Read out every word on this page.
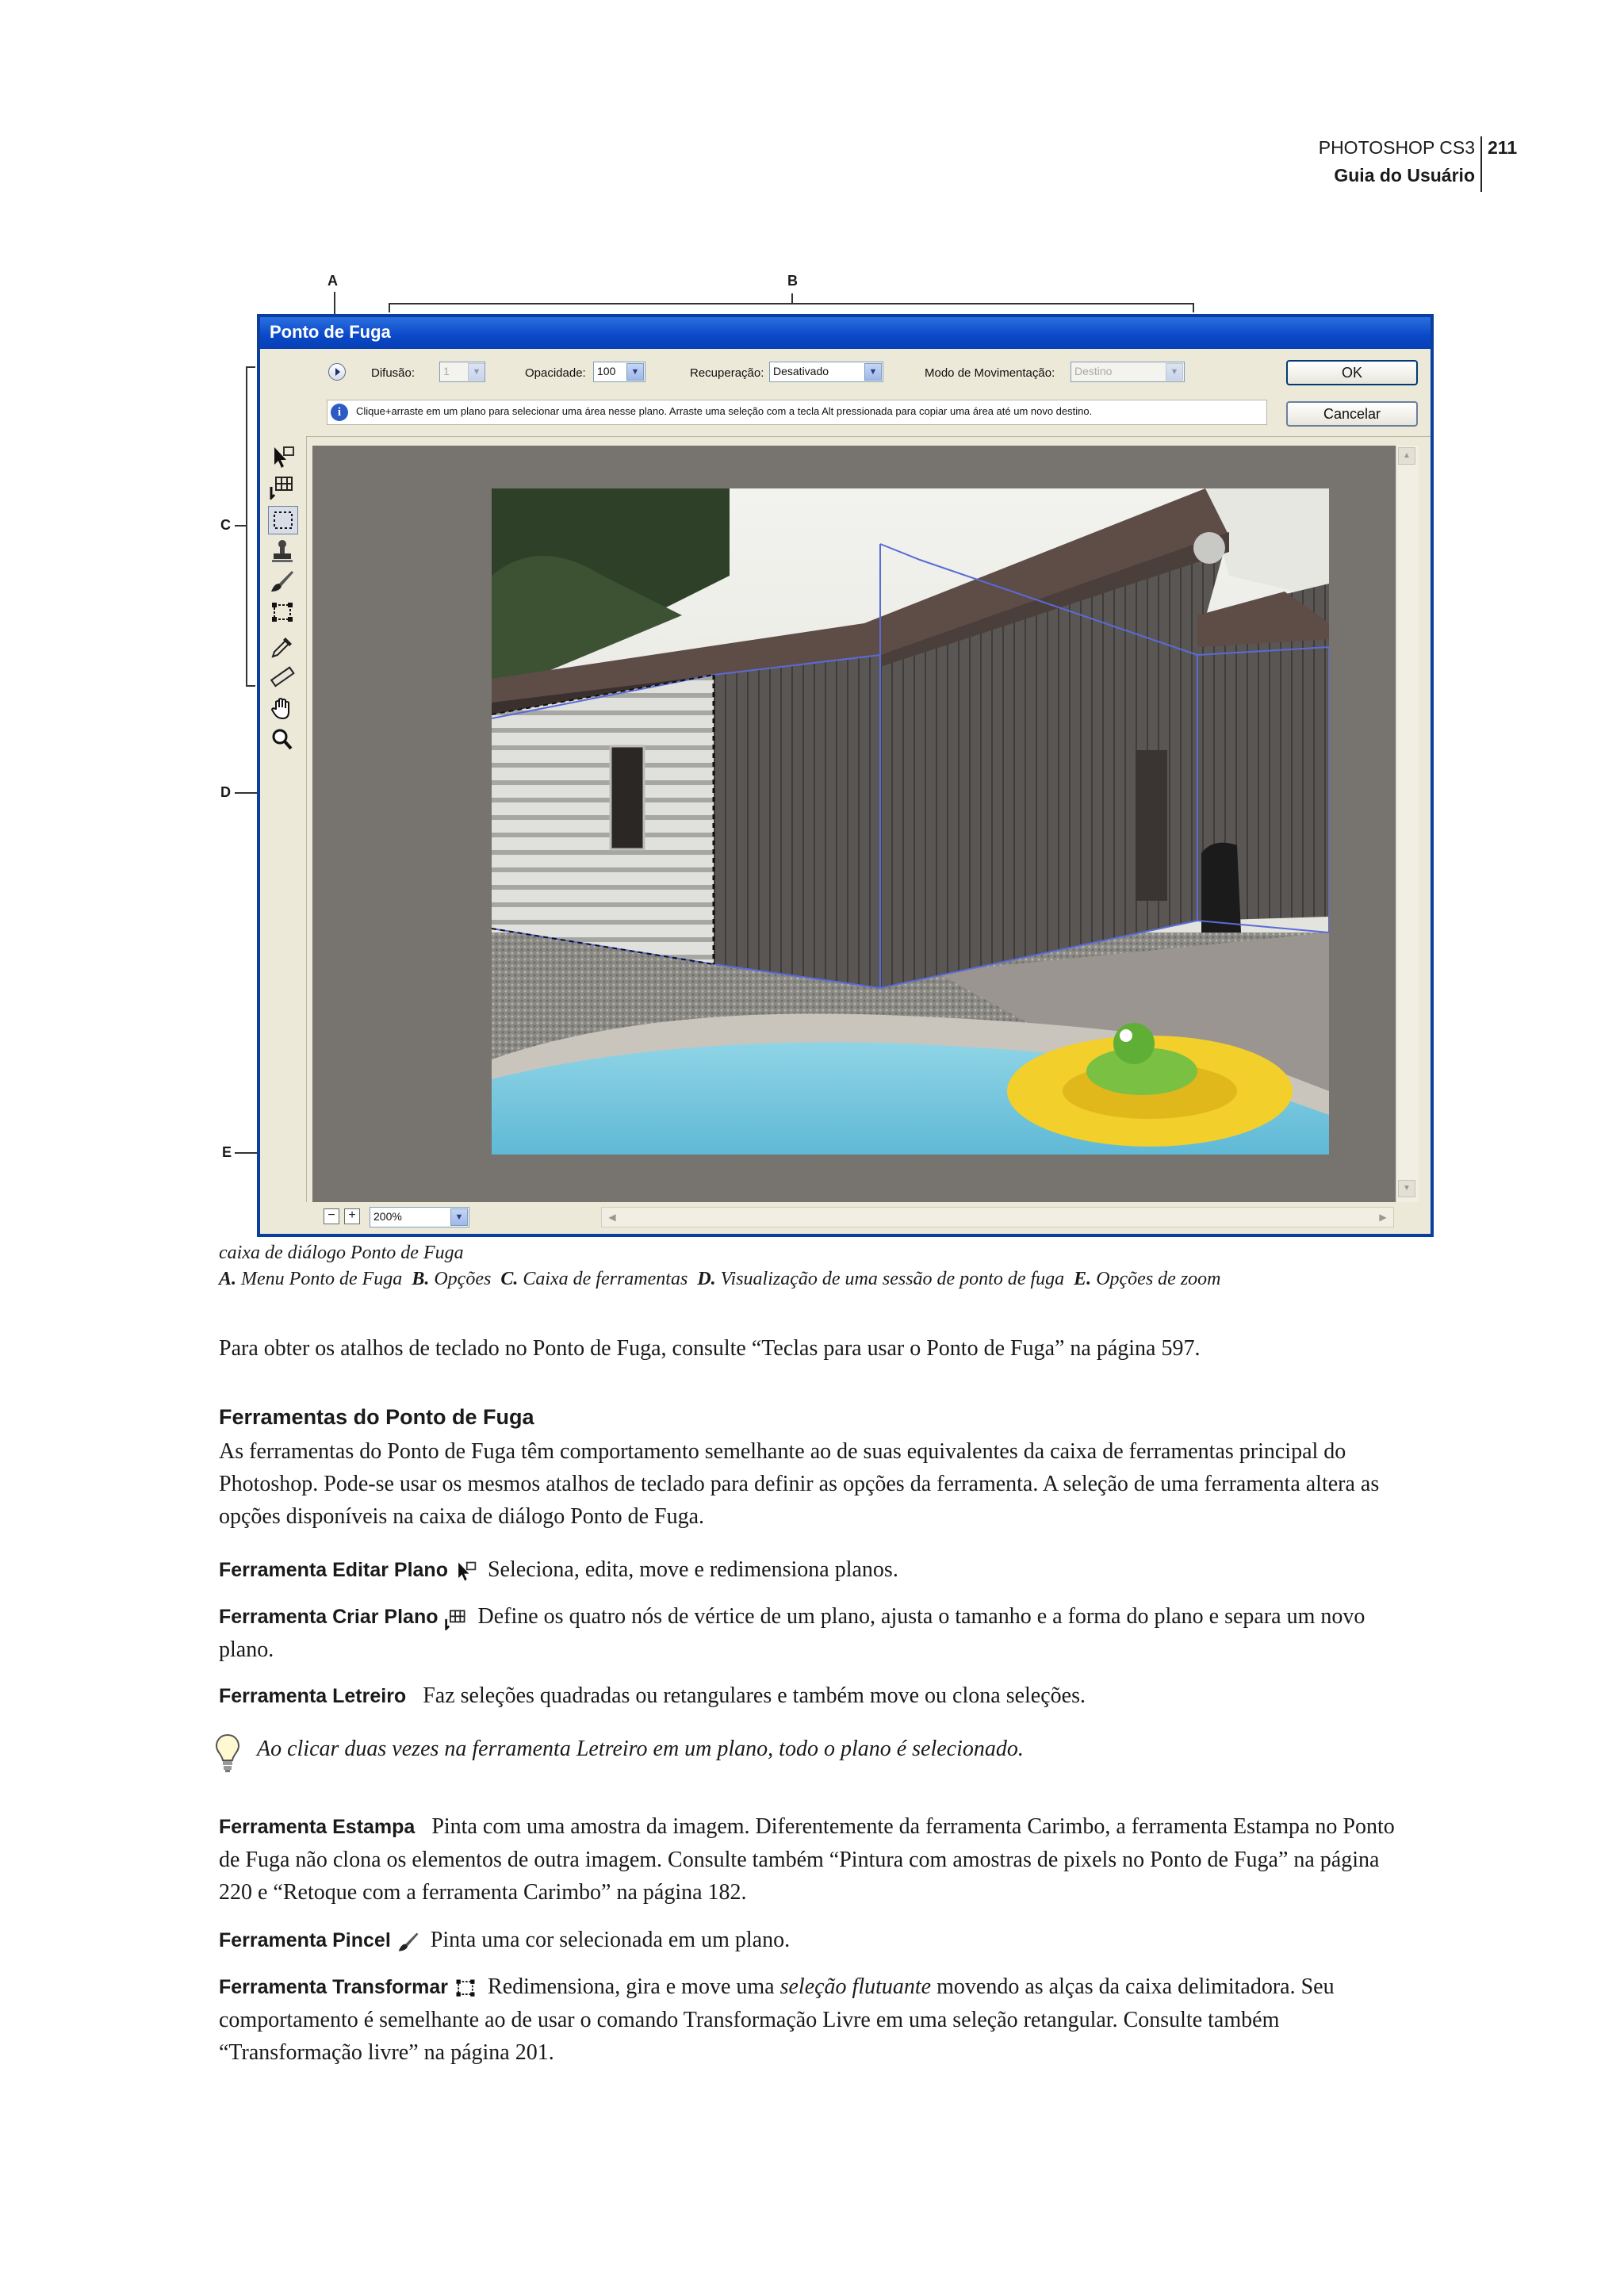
PHOTOSHOP CS3
Guia do Usuário
211
A	B
C
D
E
Ponto de Fuga
Difusão:	1	▼	Opacidade:	100	▼	Recuperação: Desativado	▼	Modo de Movimentação:	Destino	▼	OK
Cancelar
i	Clique+arraste em um plano para selecionar uma área nesse plano. Arraste uma seleção com a tecla Alt pressionada para copiar uma área até um novo destino.
▲
▼
−	+	200%	▼	◀	▶
caixa de diálogo Ponto de Fuga
A. Menu Ponto de Fuga B. Opções C. Caixa de ferramentas D. Visualização de uma sessão de ponto de fuga E. Opções de zoom
Para obter os atalhos de teclado no Ponto de Fuga, consulte “Teclas para usar o Ponto de Fuga” na página 597.
Ferramentas do Ponto de Fuga
As ferramentas do Ponto de Fuga têm comportamento semelhante ao de suas equivalentes da caixa de ferramentas principal do Photoshop. Pode-se usar os mesmos atalhos de teclado para definir as opções da ferramenta. A seleção de uma ferramenta altera as opções disponíveis na caixa de diálogo Ponto de Fuga.
Ferramenta Editar Plano Seleciona, edita, move e redimensiona planos.
Ferramenta Criar Plano Define os quatro nós de vértice de um plano, ajusta o tamanho e a forma do plano e separa um novo plano.
Ferramenta Letreiro Faz seleções quadradas ou retangulares e também move ou clona seleções.
Ao clicar duas vezes na ferramenta Letreiro em um plano, todo o plano é selecionado.
Ferramenta Estampa Pinta com uma amostra da imagem. Diferentemente da ferramenta Carimbo, a ferramenta Estampa no Ponto de Fuga não clona os elementos de outra imagem. Consulte também “Pintura com amostras de pixels no Ponto de Fuga” na página 220 e “Retoque com a ferramenta Carimbo” na página 182.
Ferramenta Pincel Pinta uma cor selecionada em um plano.
Ferramenta Transformar Redimensiona, gira e move uma seleção flutuante movendo as alças da caixa delimitadora. Seu comportamento é semelhante ao de usar o comando Transformação Livre em uma seleção retangular. Consulte também “Transformação livre” na página 201.
